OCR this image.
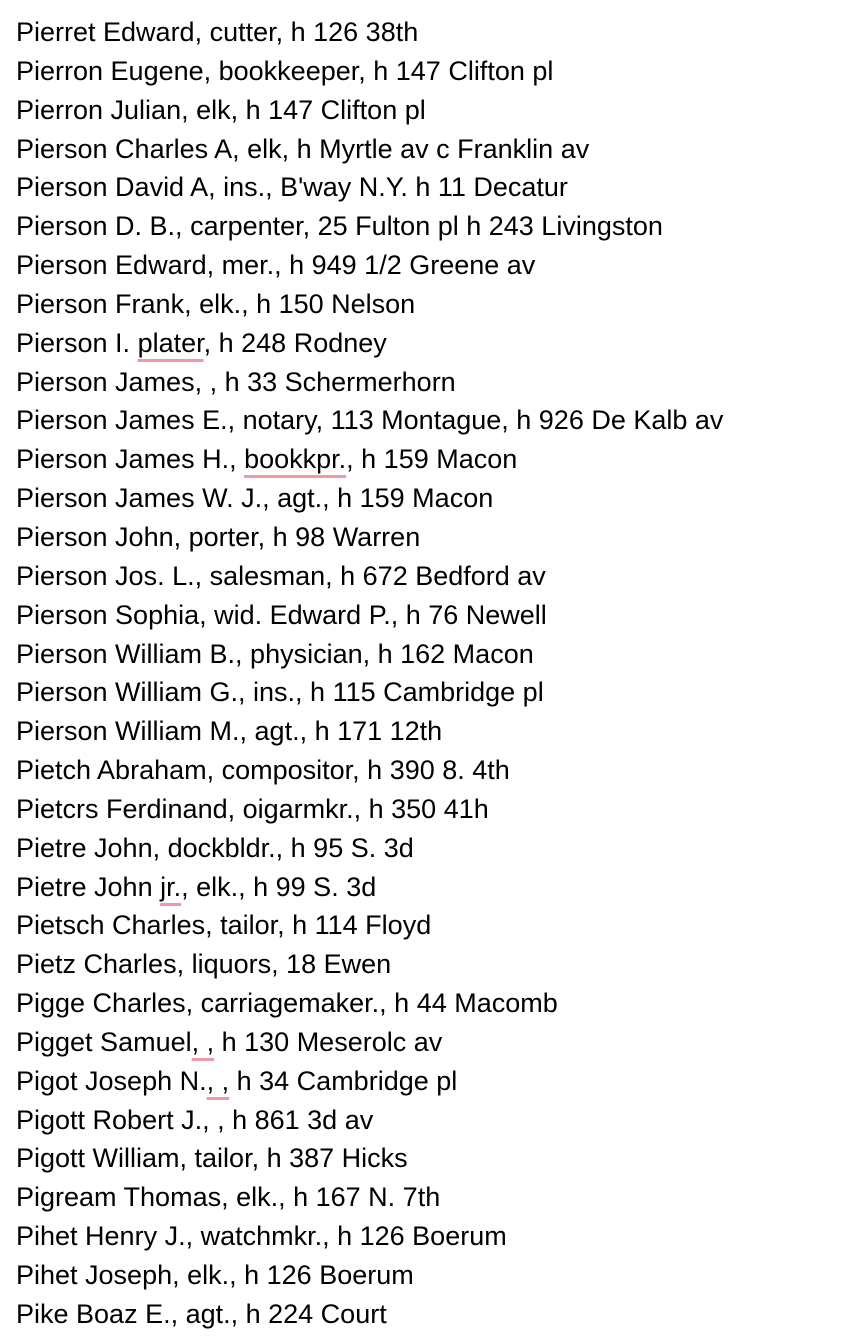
Pierret Edward, cutter, h 126 38th
Pierron Eugene, bookkeeper, h 147 Clifton pl
Pierron Julian, elk, h 147 Clifton pl
Pierson Charles A, elk, h Myrtle av c Franklin av
Pierson David A, ins., B'way N.Y. h 11 Decatur
Pierson D. B., carpenter, 25 Fulton pl h 243 Livingston
Pierson Edward, mer., h 949 1/2 Greene av
Pierson Frank, elk., h 150 Nelson
Pierson I. plater, h 248 Rodney
Pierson James, , h 33 Schermerhorn
Pierson James E., notary, 113 Montague, h 926 De Kalb av
Pierson James H., bookkpr., h 159 Macon
Pierson James W. J., agt., h 159 Macon
Pierson John, porter, h 98 Warren
Pierson Jos. L., salesman, h 672 Bedford av
Pierson Sophia, wid. Edward P., h 76 Newell
Pierson William B., physician, h 162 Macon
Pierson William G., ins., h 115 Cambridge pl
Pierson William M., agt., h 171 12th
Pietch Abraham, compositor, h 390 8. 4th
Pietcrs Ferdinand, oigarmkr., h 350 41h
Pietre John, dockbldr., h 95 S. 3d
Pietre John jr., elk., h 99 S. 3d
Pietsch Charles, tailor, h 114 Floyd
Pietz Charles, liquors, 18 Ewen
Pigge Charles, carriagemaker., h 44 Macomb
Pigget Samuel, , h 130 Meserolc av
Pigot Joseph N., , h 34 Cambridge pl
Pigott Robert J., , h 861 3d av
Pigott William, tailor, h 387 Hicks
Pigream Thomas, elk., h 167 N. 7th
Pihet Henry J., watchmkr., h 126 Boerum
Pihet Joseph, elk., h 126 Boerum
Pike Boaz E., agt., h 224 Court
